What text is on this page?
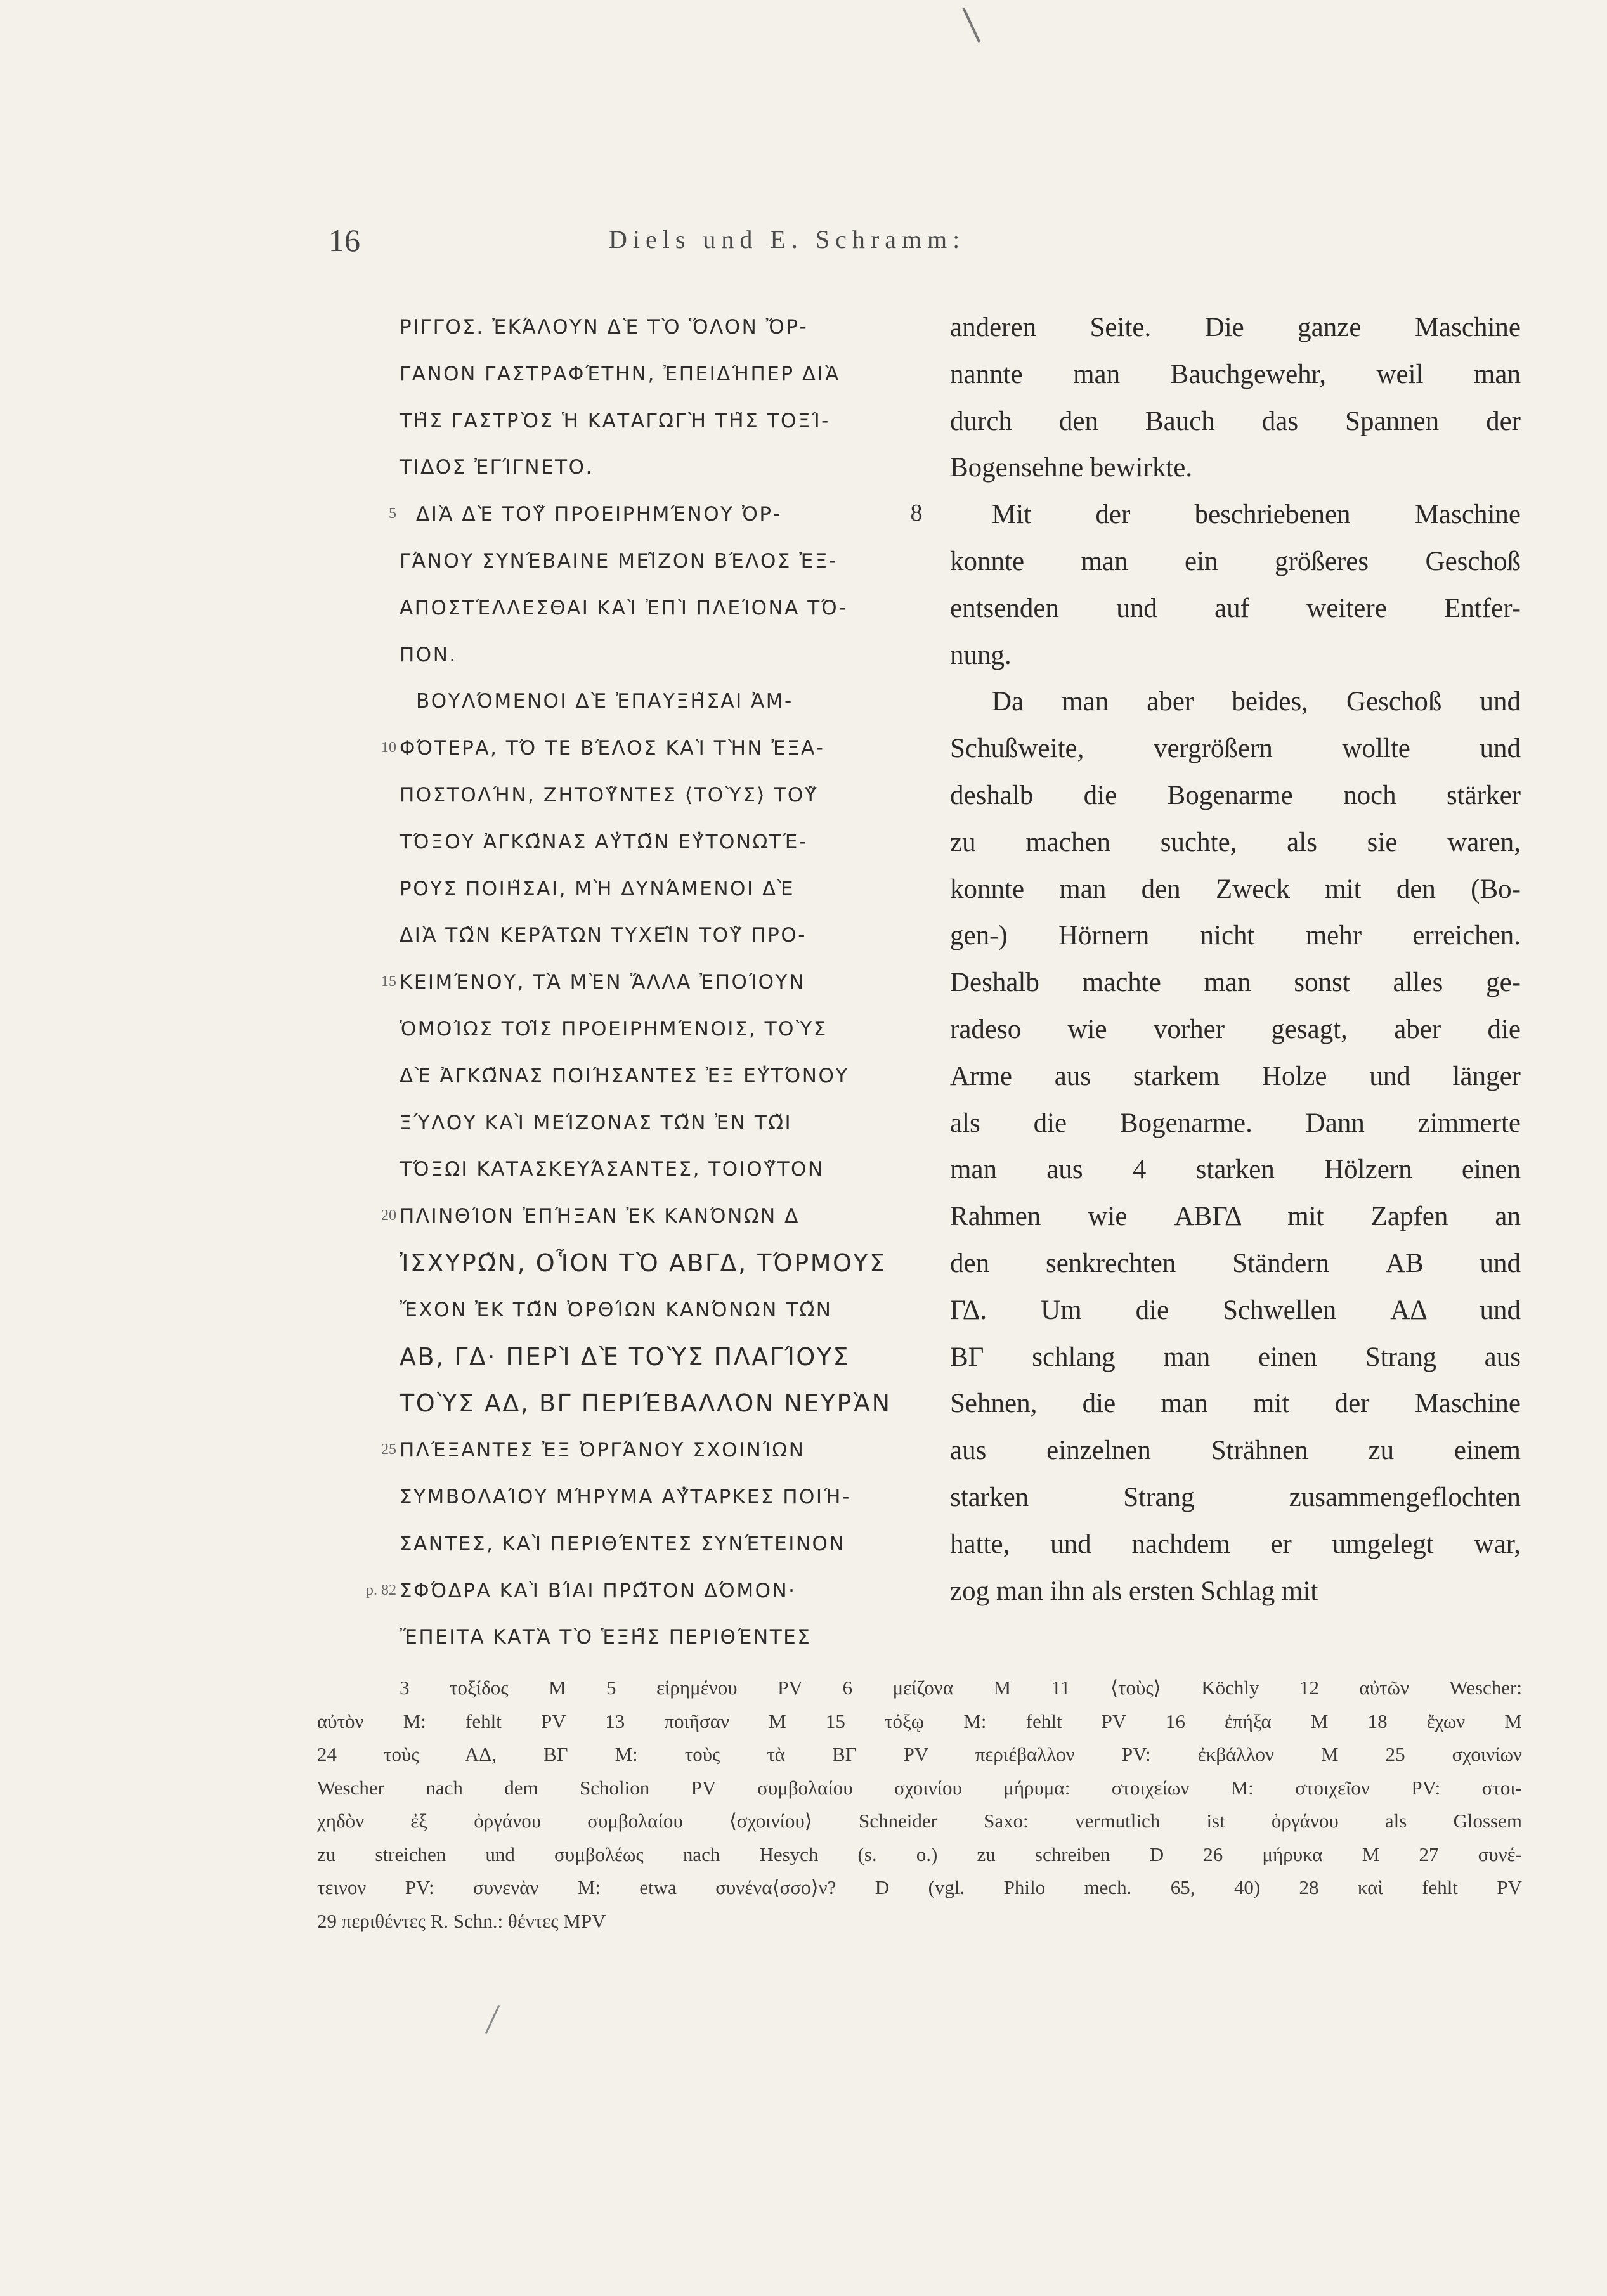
16	Diels und E. Schramm:
5
10
15
20
25
p. 82
8
ΡΙΓΓΟΣ. ἘΚΆΛΟΥΝ ΔῈ ΤῸ ὍΛΟΝ ὌΡ-
ΓΑΝΟΝ ΓΑΣΤΡΑΦΈΤΗΝ, ἘΠΕΙΔΉΠΕΡ ΔΙᾺ
ΤΗ͂Σ ΓΑΣΤΡῸΣ Ἡ ΚΑΤΑΓΩΓῊ ΤΗ͂Σ ΤΟΞΊ-
ΤΙΔΟΣ ἘΓΊΓΝΕΤΟ.
ΔΙᾺ ΔῈ ΤΟΥ͂ ΠΡΟΕΙΡΗΜΈΝΟΥ ὈΡ-
ΓΆΝΟΥ ΣΥΝΈΒΑΙΝΕ ΜΕΙ͂ΖΟΝ ΒΈΛΟΣ ἘΞ-
ΑΠΟΣΤΈΛΛΕΣΘΑΙ ΚΑῚ ἘΠῚ ΠΛΕΊΟΝΑ ΤΌ-
ΠΟΝ.
ΒΟΥΛΌΜΕΝΟΙ ΔῈ ἘΠΑΥΞΗ͂ΣΑΙ ἈΜ-
ΦΌΤΕΡΑ, ΤΌ ΤΕ ΒΈΛΟΣ ΚΑῚ ΤῊΝ ἘΞΑ-
ΠΟΣΤΟΛΉΝ, ΖΗΤΟΥ͂ΝΤΕΣ ⟨ΤΟῪΣ⟩ ΤΟΥ͂
ΤΌΞΟΥ ἈΓΚΩ͂ΝΑΣ ΑΥ̓ΤΩ͂Ν ΕΥ̓ΤΟΝΩΤΈ-
ΡΟΥΣ ΠΟΙΗ͂ΣΑΙ, ΜῊ ΔΥΝΆΜΕΝΟΙ ΔῈ
ΔΙᾺ ΤΩ͂Ν ΚΕΡΆΤΩΝ ΤΥΧΕΙ͂Ν ΤΟΥ͂ ΠΡΟ-
ΚΕΙΜΈΝΟΥ, ΤᾺ ΜῈΝ ἌΛΛΑ ἘΠΟΊΟΥΝ
ὉΜΟΊΩΣ ΤΟΙ͂Σ ΠΡΟΕΙΡΗΜΈΝΟΙΣ, ΤΟῪΣ
ΔῈ ἈΓΚΩ͂ΝΑΣ ΠΟΙΉΣΑΝΤΕΣ ἘΞ ΕΥ̓ΤΌΝΟΥ
ΞΎΛΟΥ ΚΑῚ ΜΕΊΖΟΝΑΣ ΤΩ͂Ν ἘΝ ΤΩ͂Ι
ΤΌΞΩΙ ΚΑΤΑΣΚΕΥΆΣΑΝΤΕΣ, ΤΟΙΟΥ͂ΤΟΝ
ΠΛΙΝΘΊΟΝ ἘΠΉΞΑΝ ἘΚ ΚΑΝΌΝΩΝ Δ
ἸΣΧΥΡΩ͂Ν, ΟἿΟΝ ΤῸ ΑΒΓΔ, ΤΌΡΜΟΥΣ
ἜΧΟΝ ἘΚ ΤΩ͂Ν ὈΡΘΊΩΝ ΚΑΝΌΝΩΝ ΤΩ͂Ν
ΑΒ, ΓΔ· ΠΕΡῚ ΔῈ ΤΟῪΣ ΠΛΑΓΊΟΥΣ
ΤΟῪΣ ΑΔ, ΒΓ ΠΕΡΙΈΒΑΛΛΟΝ ΝΕΥΡᾺΝ
ΠΛΈΞΑΝΤΕΣ ἘΞ ὈΡΓΆΝΟΥ ΣΧΟΙΝΊΩΝ
ΣΥΜΒΟΛΑΊΟΥ ΜΉΡΥΜΑ ΑΥ̓́ΤΑΡΚΕΣ ΠΟΙΉ-
ΣΑΝΤΕΣ, ΚΑῚ ΠΕΡΙΘΈΝΤΕΣ ΣΥΝΈΤΕΙΝΟΝ
ΣΦΌΔΡΑ ΚΑῚ ΒΊΑΙ ΠΡΩ͂ΤΟΝ ΔΌΜΟΝ·
ἜΠΕΙΤΑ ΚΑΤᾺ ΤῸ ἙΞΗ͂Σ ΠΕΡΙΘΈΝΤΕΣ
anderen Seite. Die ganze Maschine
nannte man Bauchgewehr, weil man
durch den Bauch das Spannen der
Bogensehne bewirkte.
Mit der beschriebenen Maschine
konnte man ein größeres Geschoß
entsenden und auf weitere Entfer-
nung.
Da man aber beides, Geschoß und
Schußweite, vergrößern wollte und
deshalb die Bogenarme noch stärker
zu machen suchte, als sie waren,
konnte man den Zweck mit den (Bo-
gen-) Hörnern nicht mehr erreichen.
Deshalb machte man sonst alles ge-
radeso wie vorher gesagt, aber die
Arme aus starkem Holze und länger
als die Bogenarme. Dann zimmerte
man aus 4 starken Hölzern einen
Rahmen wie ΑΒΓΔ mit Zapfen an
den senkrechten Ständern ΑΒ und
ΓΔ. Um die Schwellen ΑΔ und
ΒΓ schlang man einen Strang aus
Sehnen, die man mit der Maschine
aus einzelnen Strähnen zu einem
starken Strang zusammengeflochten
hatte, und nachdem er umgelegt war,
zog man ihn als ersten Schlag mit
3 τοξίδος M 5 εἰρημένου PV 6 μείζονα M 11 ⟨τοὺς⟩ Köchly 12 αὐτῶν Wescher:
αὐτὸν M: fehlt PV 13 ποιῆσαν M 15 τόξῳ M: fehlt PV 16 ἐπήξα M 18 ἔχων M
24 τοὺς ΑΔ, ΒΓ M: τοὺς τὰ ΒΓ PV περιέβαλλον PV: ἐκβάλλον M 25 σχοινίων
Wescher nach dem Scholion PV συμβολαίου σχοινίου μήρυμα: στοιχείων M: στοιχεῖον PV: στοι-
χηδὸν ἐξ ὀργάνου συμβολαίου ⟨σχοινίου⟩ Schneider Saxo: vermutlich ist ὀργάνου als Glossem
zu streichen und συμβολέως nach Hesych (s. o.) zu schreiben D 26 μήρυκα M 27 συνέ-
τεινον PV: συνενὰν M: etwa συνένα⟨σσο⟩ν? D (vgl. Philo mech. 65, 40) 28 καὶ fehlt PV
29 περιθέντες R. Schn.: θέντες MPV
